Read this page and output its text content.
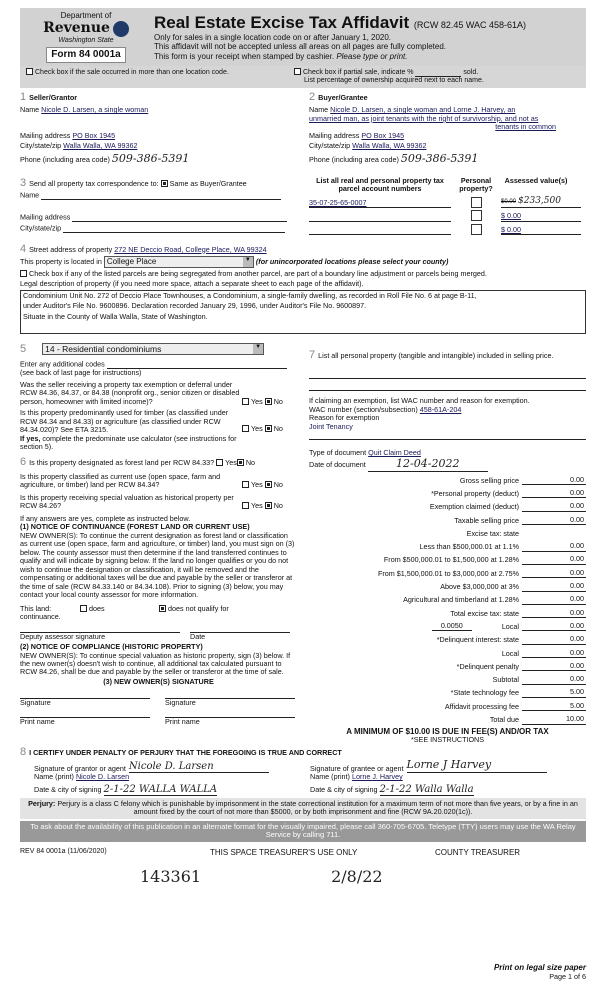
Department of
Revenue
Washington State
Form 84 0001a
Real Estate Excise Tax Affidavit (RCW 82.45 WAC 458-61A)
Only for sales in a single location code on or after January 1, 2020.
This affidavit will not be accepted unless all areas on all pages are fully completed.
This form is your receipt when stamped by cashier. Please type or print.
Check box if the sale occurred in more than one location code.	Check box if partial sale, indicate %	sold.
List percentage of ownership acquired next to each name.
1 Seller/Grantor
Name Nicole D. Larsen, a single woman
Mailing address PO Box 1945
City/state/zip Walla Walla, WA 99362
Phone (including area code) 509-386-5391
2 Buyer/Grantee
Name Nicole D. Larsen, a single woman and Lorne J. Harvey, an
unmarried man, as joint tenants with the right of survivorship, and not as
tenants in common
Mailing address PO Box 1945
City/state/zip Walla Walla, WA 99362
Phone (including area code) 509-386-5391
3 Send all property tax correspondence to: Same as Buyer/Grantee
Name
Mailing address
City/state/zip
List all real and personal property tax parcel account numbers
Personal property?
Assessed value(s)
35-07-25-65-0007	$0.00 $233,500
$ 0.00
$ 0.00
4 Street address of property 272 NE Deccio Road, College Place, WA 99324
This property is located in College Place	▼ (for unincorporated locations please select your county)
Check box if any of the listed parcels are being segregated from another parcel, are part of a boundary line adjustment or parcels being merged.
Legal description of property (if you need more space, attach a separate sheet to each page of the affidavit).
Condominium Unit No. 272 of Deccio Place Townhouses, a Condominium, a single-family dwelling, as recorded in Roll File No. 6 at page B-11,
under Auditor's File No. 9600896. Declaration recorded January 29, 1996, under Auditor's File No. 9600897.
Situate in the County of Walla Walla, State of Washington.
5 14 - Residential condominiums	▼
Enter any additional codes
(see back of last page for instructions)
Was the seller receiving a property tax exemption or deferral under RCW 84.36, 84.37, or 84.38 (nonprofit org., senior citizen or disabled person, homeowner with limited income)?	Yes No
Is this property predominantly used for timber (as classified under RCW 84.34 and 84.33) or agriculture (as classified under RCW 84.34.020)? See ETA 3215.
If yes, complete the predominate use calculator (see instructions for section 5).
Yes No
6 Is this property designated as forest land per RCW 84.33? Yes No
Is this property classified as current use (open space, farm and agriculture, or timber) land per RCW 84.34?	Yes No
Is this property receiving special valuation as historical property per RCW 84.26?	Yes No
If any answers are yes, complete as instructed below.
(1) NOTICE OF CONTINUANCE (FOREST LAND OR CURRENT USE)
NEW OWNER(S): To continue the current designation as forest land or classification as current use (open space, farm and agriculture, or timber) land, you must sign on (3) below. The county assessor must then determine if the land transferred continues to qualify and will indicate by signing below. If the land no longer qualifies or you do not wish to continue the designation or classification, it will be removed and the compensating or additional taxes will be due and payable by the seller or transferor at the time of sale (RCW 84.33.140 or 84.34.108). Prior to signing (3) below, you may contact your local county assessor for more information.
This land:	does	does not qualify for
continuance.
Deputy assessor signature	Date
(2) NOTICE OF COMPLIANCE (HISTORIC PROPERTY)
NEW OWNER(S): To continue special valuation as historic property, sign (3) below. If the new owner(s) doesn't wish to continue, all additional tax calculated pursuant to RCW 84.26, shall be due and payable by the seller or transferor at the time of sale.
(3) NEW OWNER(S) SIGNATURE
Signature	Signature
Print name	Print name
7 List all personal property (tangible and intangible) included in selling price.
If claiming an exemption, list WAC number and reason for exemption.
WAC number (section/subsection) 458-61A-204
Reason for exemption
Joint Tenancy
Type of document Quit Claim Deed
Date of document	12-04-2022
Gross selling price	0.00
*Personal property (deduct)	0.00
Exemption claimed (deduct)	0.00
Taxable selling price	0.00
Excise tax: state
Less than $500,000.01 at 1.1%	0.00
From $500,000.01 to $1,500,000 at 1.28%	0.00
From $1,500,000.01 to $3,000,000 at 2.75%	0.00
Above $3,000,000 at 3%	0.00
Agricultural and timberland at 1.28%	0.00
Total excise tax: state	0.00
0.0050	Local	0.00
*Delinquent interest: state	0.00
Local	0.00
*Delinquent penalty	0.00
Subtotal	0.00
*State technology fee	5.00
Affidavit processing fee	5.00
Total due	10.00
A MINIMUM OF $10.00 IS DUE IN FEE(S) AND/OR TAX
*SEE INSTRUCTIONS
8 I CERTIFY UNDER PENALTY OF PERJURY THAT THE FOREGOING IS TRUE AND CORRECT
Signature of grantor or agent Nicole D. Larsen
Name (print) Nicole D. Larsen
Date & city of signing 2-1-22 WALLA WALLA
Signature of grantee or agent Lorne J Harvey
Name (print) Lorne J. Harvey
Date & city of signing 2-1-22 Walla Walla
Perjury: Perjury is a class C felony which is punishable by imprisonment in the state correctional institution for a maximum term of not more than five years, or by a fine in an amount fixed by the court of not more than $5000, or by both imprisonment and fine (RCW 9A.20.020(1c)).
To ask about the availability of this publication in an alternate format for the visually impaired, please call 360-705-6705. Teletype (TTY) users may use the WA Relay Service by calling 711.
REV 84 0001a (11/06/2020)	THIS SPACE TREASURER'S USE ONLY	COUNTY TREASURER
143361	2/8/22
Print on legal size paper
Page 1 of 6
